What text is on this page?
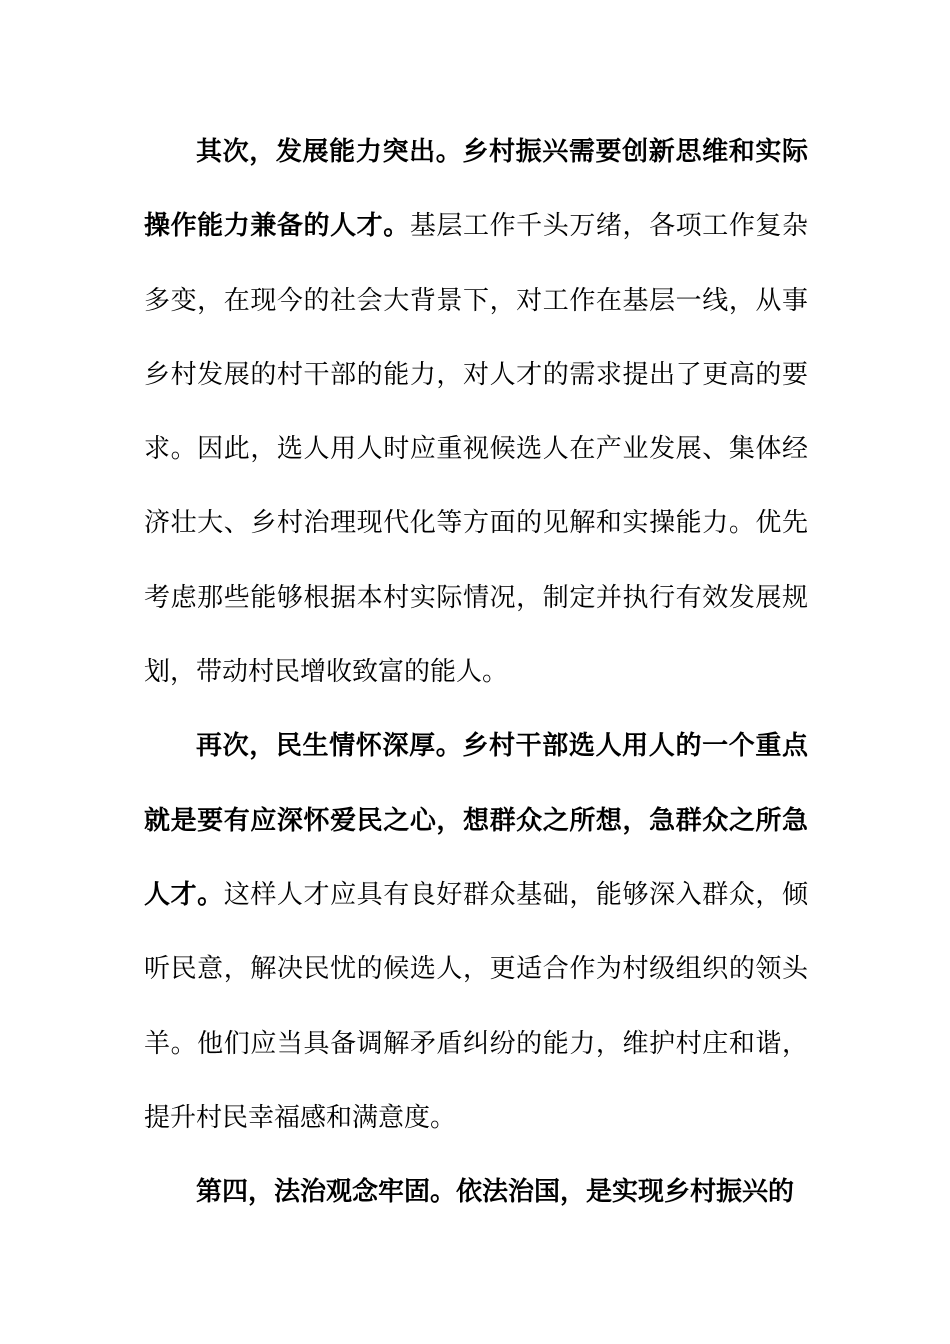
其次，发展能力突出。乡村振兴需要创新思维和实际操作能力兼备的人才。基层工作千头万绪，各项工作复杂多变，在现今的社会大背景下，对工作在基层一线，从事乡村发展的村干部的能力，对人才的需求提出了更高的要求。因此，选人用人时应重视候选人在产业发展、集体经济壮大、乡村治理现代化等方面的见解和实操能力。优先考虑那些能够根据本村实际情况，制定并执行有效发展规划，带动村民增收致富的能人。

再次，民生情怀深厚。乡村干部选人用人的一个重点就是要有应深怀爱民之心，想群众之所想，急群众之所急人才。这样人才应具有良好群众基础，能够深入群众，倾听民意，解决民忧的候选人，更适合作为村级组织的领头羊。他们应当具备调解矛盾纠纷的能力，维护村庄和谐，提升村民幸福感和满意度。

第四，法治观念牢固。依法治国，是实现乡村振兴的
